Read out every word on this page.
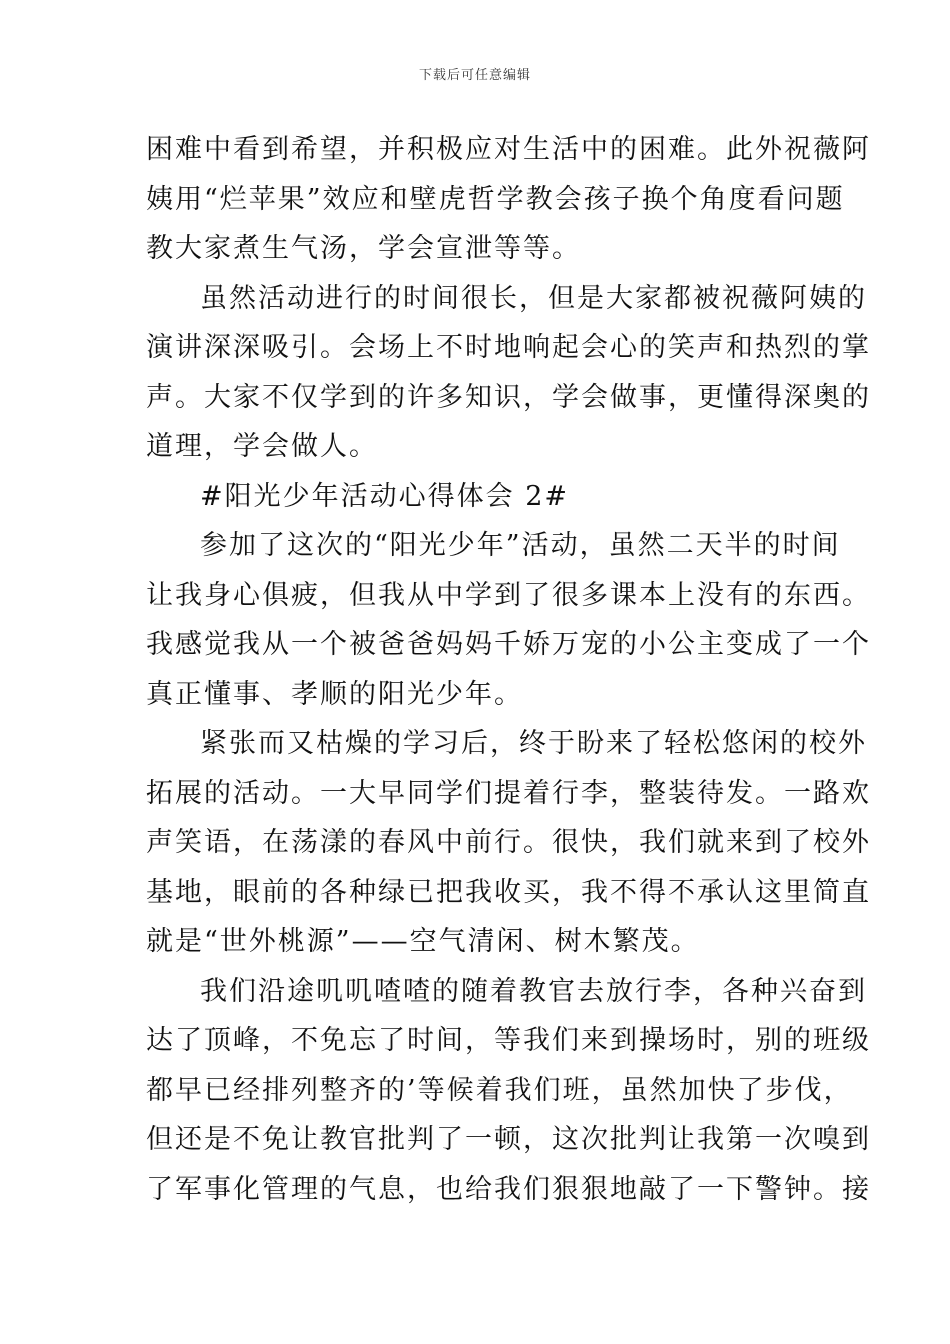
下载后可任意编辑
困难中看到希望，并积极应对生活中的困难。此外祝薇阿
姨用“烂苹果”效应和壁虎哲学教会孩子换个角度看问题
教大家煮生气汤，学会宣泄等等。
虽然活动进行的时间很长，但是大家都被祝薇阿姨的
演讲深深吸引。会场上不时地响起会心的笑声和热烈的掌
声。大家不仅学到的许多知识，学会做事，更懂得深奥的
道理，学会做人。
#阳光少年活动心得体会 2#
参加了这次的“阳光少年”活动，虽然二天半的时间
让我身心俱疲，但我从中学到了很多课本上没有的东西。
我感觉我从一个被爸爸妈妈千娇万宠的小公主变成了一个
真正懂事、孝顺的阳光少年。
紧张而又枯燥的学习后，终于盼来了轻松悠闲的校外
拓展的活动。一大早同学们提着行李，整装待发。一路欢
声笑语，在荡漾的春风中前行。很快，我们就来到了校外
基地，眼前的各种绿已把我收买，我不得不承认这里简直
就是“世外桃源”——空气清闲、树木繁茂。
我们沿途叽叽喳喳的随着教官去放行李，各种兴奋到
达了顶峰，不免忘了时间，等我们来到操场时，别的班级
都早已经排列整齐的’等候着我们班，虽然加快了步伐，
但还是不免让教官批判了一顿，这次批判让我第一次嗅到
了军事化管理的气息，也给我们狠狠地敲了一下警钟。接
